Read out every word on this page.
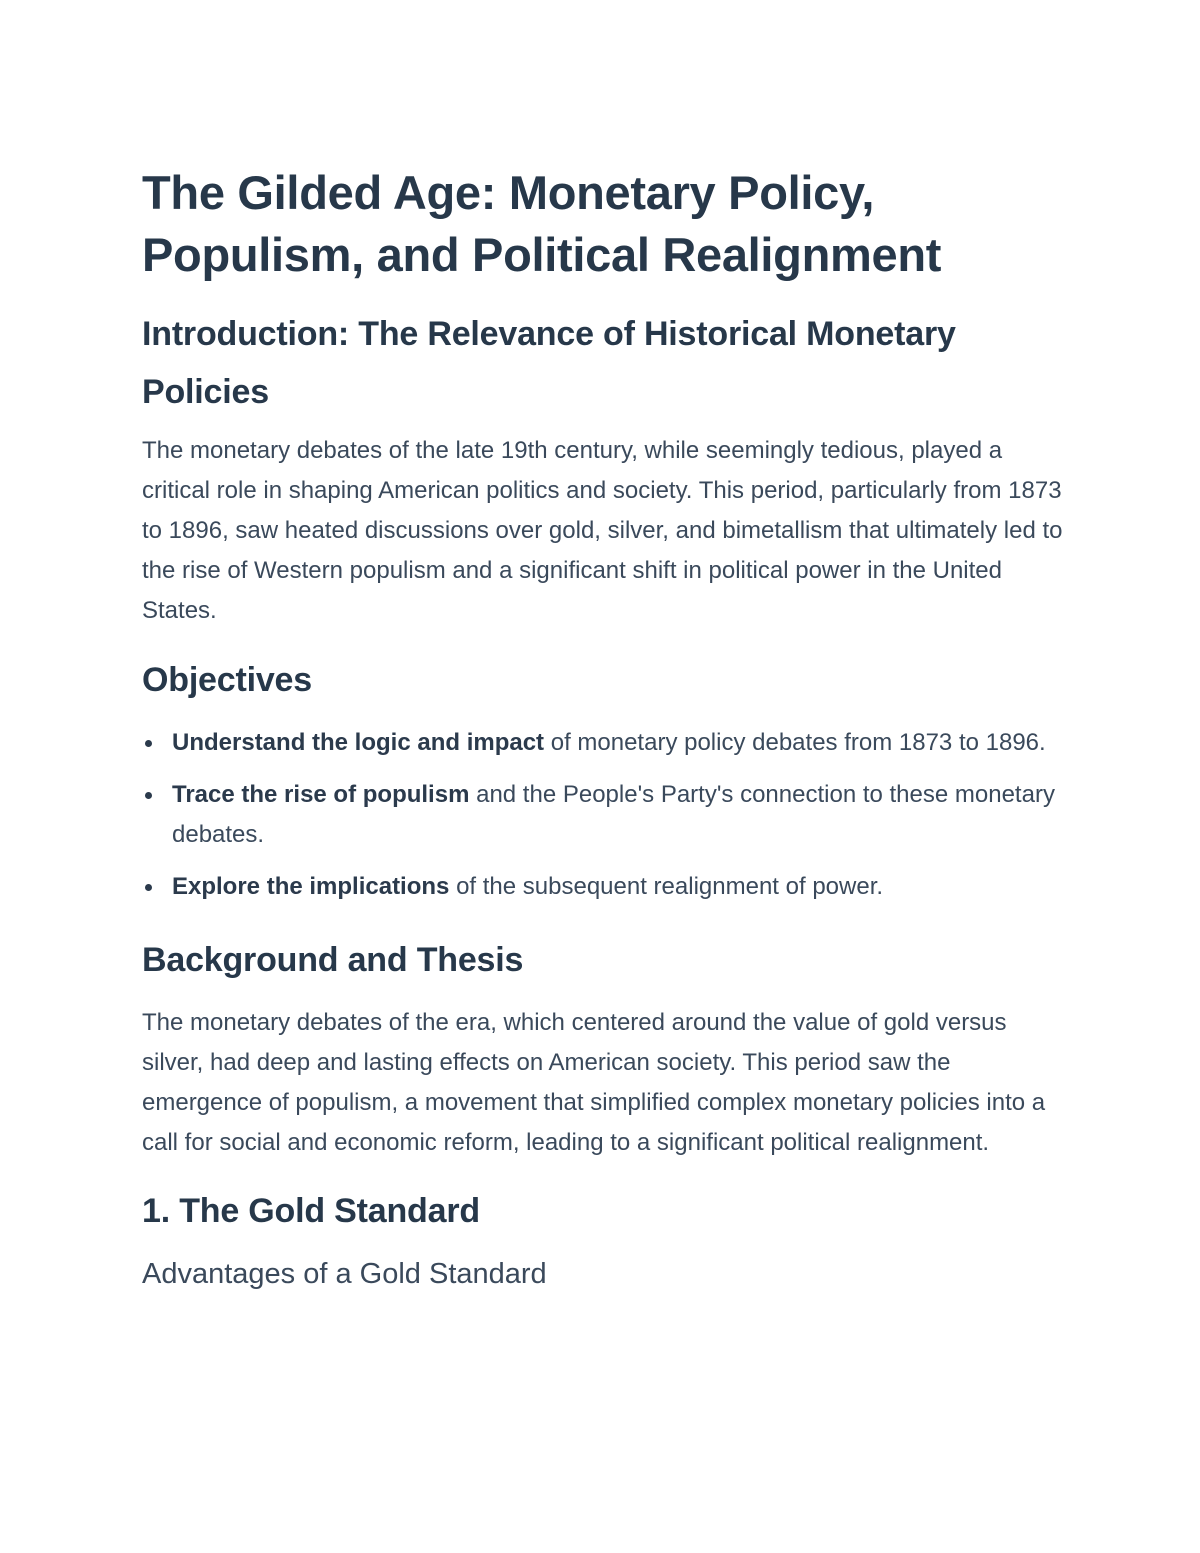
The Gilded Age: Monetary Policy, Populism, and Political Realignment
Introduction: The Relevance of Historical Monetary Policies

The monetary debates of the late 19th century, while seemingly tedious, played a critical role in shaping American politics and society. This period, particularly from 1873 to 1896, saw heated discussions over gold, silver, and bimetallism that ultimately led to the rise of Western populism and a significant shift in political power in the United States.

Objectives
Understand the logic and impact of monetary policy debates from 1873 to 1896.
Trace the rise of populism and the People's Party's connection to these monetary debates.
Explore the implications of the subsequent realignment of power.
Background and Thesis

The monetary debates of the era, which centered around the value of gold versus silver, had deep and lasting effects on American society. This period saw the emergence of populism, a movement that simplified complex monetary policies into a call for social and economic reform, leading to a significant political realignment.

1. The Gold Standard
Advantages of a Gold Standard
